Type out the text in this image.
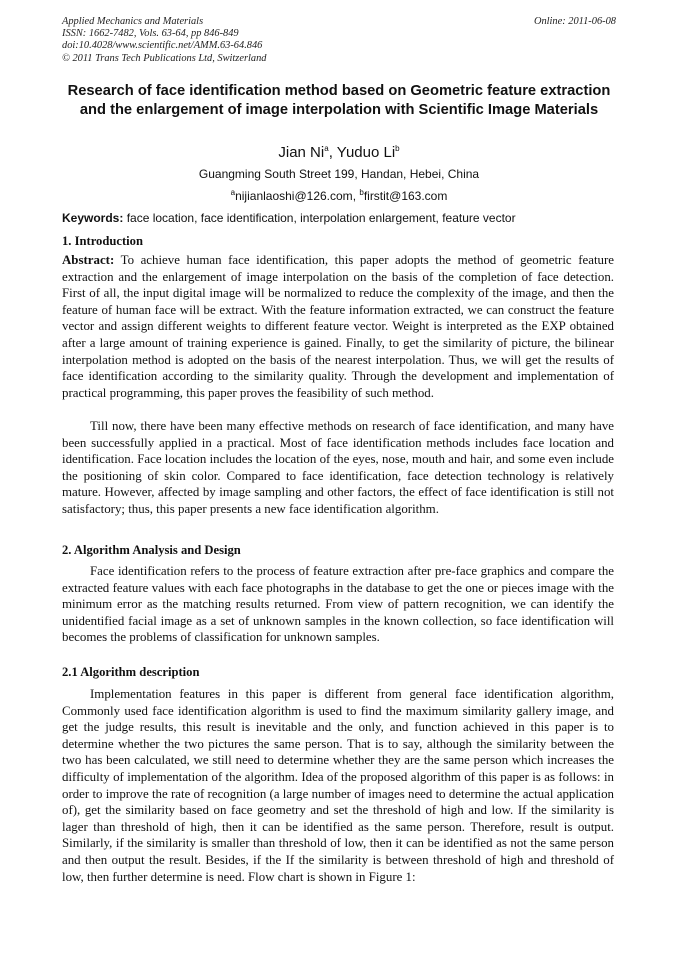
Applied Mechanics and Materials
ISSN: 1662-7482, Vols. 63-64, pp 846-849
doi:10.4028/www.scientific.net/AMM.63-64.846
© 2011 Trans Tech Publications Ltd, Switzerland
Online: 2011-06-08
Research of face identification method based on Geometric feature extraction and the enlargement of image interpolation with Scientific Image Materials
Jian Ni$^a$, Yuduo Li$^b$
Guangming South Street 199, Handan, Hebei, China
$^a$nijianlaoshi@126.com, $^b$firstit@163.com
Keywords: face location, face identification, interpolation enlargement, feature vector
1. Introduction
Abstract: To achieve human face identification, this paper adopts the method of geometric feature extraction and the enlargement of image interpolation on the basis of the completion of face detection. First of all, the input digital image will be normalized to reduce the complexity of the image, and then the feature of human face will be extract. With the feature information extracted, we can construct the feature vector and assign different weights to different feature vector. Weight is interpreted as the EXP obtained after a large amount of training experience is gained. Finally, to get the similarity of picture, the bilinear interpolation method is adopted on the basis of the nearest interpolation. Thus, we will get the results of face identification according to the similarity quality. Through the development and implementation of practical programming, this paper proves the feasibility of such method.
Till now, there have been many effective methods on research of face identification, and many have been successfully applied in a practical. Most of face identification methods includes face location and identification. Face location includes the location of the eyes, nose, mouth and hair, and some even include the positioning of skin color. Compared to face identification, face detection technology is relatively mature. However, affected by image sampling and other factors, the effect of face identification is still not satisfactory; thus, this paper presents a new face identification algorithm.
2. Algorithm Analysis and Design
Face identification refers to the process of feature extraction after pre-face graphics and compare the extracted feature values with each face photographs in the database to get the one or pieces image with the minimum error as the matching results returned. From view of pattern recognition, we can identify the unidentified facial image as a set of unknown samples in the known collection, so face identification will becomes the problems of classification for unknown samples.
2.1 Algorithm description
Implementation features in this paper is different from general face identification algorithm, Commonly used face identification algorithm is used to find the maximum similarity gallery image, and get the judge results, this result is inevitable and the only, and function achieved in this paper is to determine whether the two pictures the same person. That is to say, although the similarity between the two has been calculated, we still need to determine whether they are the same person which increases the difficulty of implementation of the algorithm. Idea of the proposed algorithm of this paper is as follows: in order to improve the rate of recognition (a large number of images need to determine the actual application of), get the similarity based on face geometry and set the threshold of high and low. If the similarity is lager than threshold of high, then it can be identified as the same person. Therefore, result is output. Similarly, if the similarity is smaller than threshold of low, then it can be identified as not the same person and then output the result. Besides, if the If the similarity is between threshold of high and threshold of low, then further determine is need. Flow chart is shown in Figure 1:
